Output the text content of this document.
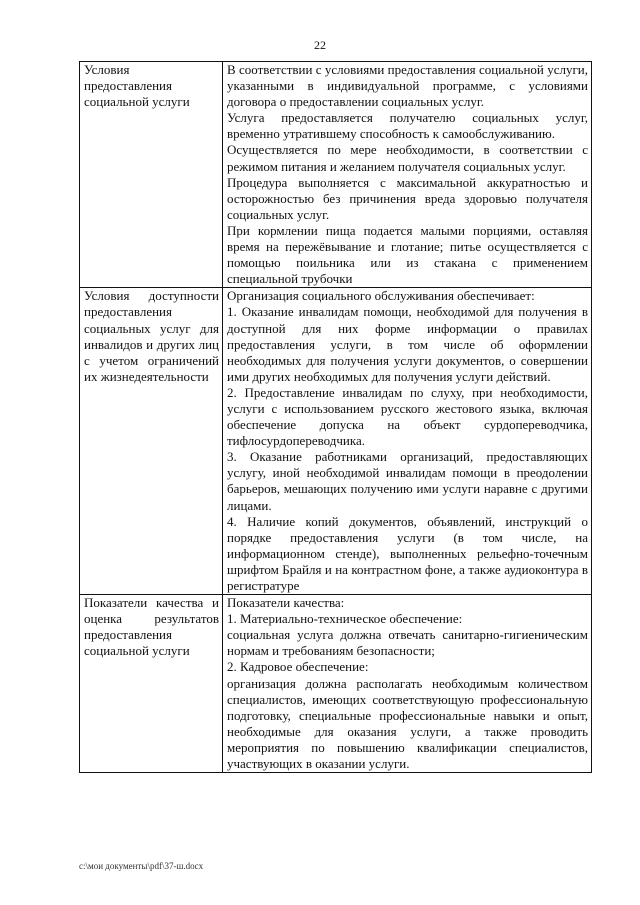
22
Условия предоставления социальной услуги	В соответствии с условиями предоставления социальной услуги, указанными в индивидуальной программе, с условиями договора о предоставлении социальных услуг.

Услуга предоставляется получателю социальных услуг, временно утратившему способность к самообслуживанию.

Осуществляется по мере необходимости, в соответствии с режимом питания и желанием получателя социальных услуг.

Процедура выполняется с максимальной аккуратностью и осторожностью без причинения вреда здоровью получателя социальных услуг.

При кормлении пища подается малыми порциями, оставляя время на пережёвывание и глотание; питье осуществляется с помощью поильника или из стакана с применением специальной трубочки

Условия доступности предоставления социальных услуг для инвалидов и других лиц с учетом ограничений их жизнедеятельности	Организация социального обслуживания обеспечивает:

1. Оказание инвалидам помощи, необходимой для получения в доступной для них форме информации о правилах предоставления услуги, в том числе об оформлении необходимых для получения услуги документов, о совершении ими других необходимых для получения услуги действий.

2. Предоставление инвалидам по слуху, при необходимости, услуги с использованием русского жестового языка, включая обеспечение допуска на объект сурдопереводчика, тифлосурдопереводчика.

3. Оказание работниками организаций, предоставляющих услугу, иной необходимой инвалидам помощи в преодолении барьеров, мешающих получению ими услуги наравне с другими лицами.

4. Наличие копий документов, объявлений, инструкций о порядке предоставления услуги (в том числе, на информационном стенде), выполненных рельефно-точечным шрифтом Брайля и на контрастном фоне, а также аудиоконтура в регистратуре

Показатели качества и оценка результатов предоставления социальной услуги	Показатели качества:

1. Материально-техническое обеспечение:

социальная услуга должна отвечать санитарно-гигиеническим нормам и требованиям безопасности;

2. Кадровое обеспечение:

организация должна располагать необходимым количеством специалистов, имеющих соответствующую профессиональную подготовку, специальные профессиональные навыки и опыт, необходимые для оказания услуги, а также проводить мероприятия по повышению квалификации специалистов, участвующих в оказании услуги.

c:\мои документы\pdf\37-ш.docx
